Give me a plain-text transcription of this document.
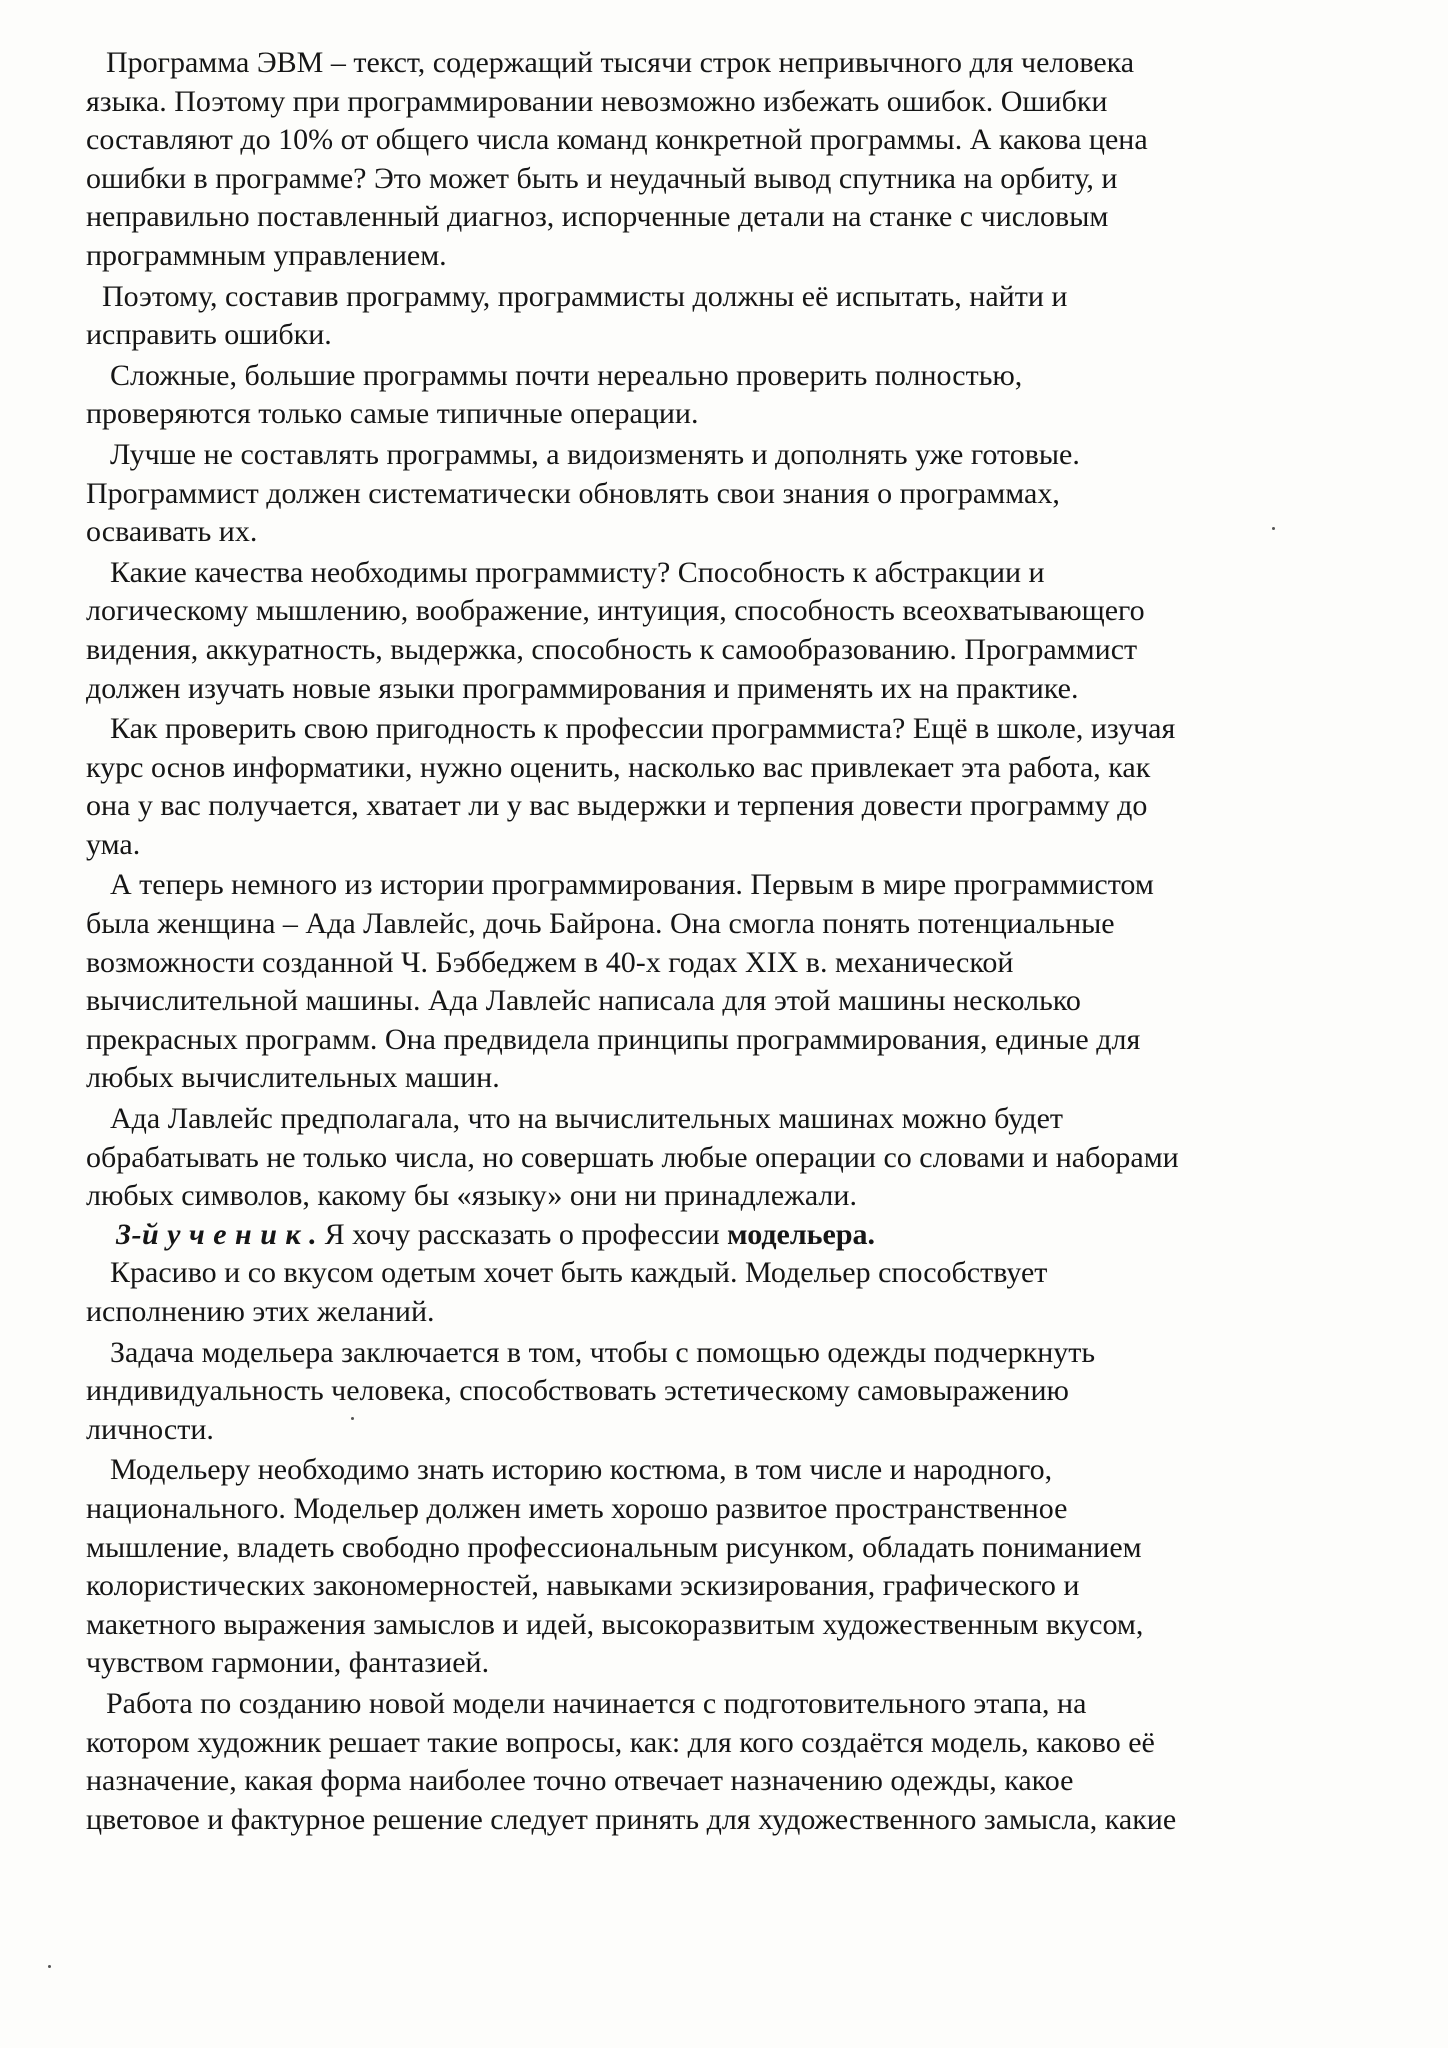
Программа ЭВМ – текст, содержащий тысячи строк непривычного для человека
языка. Поэтому при программировании невозможно избежать ошибок. Ошибки
составляют до 10% от общего числа команд конкретной программы. А какова цена
ошибки в программе? Это может быть и неудачный вывод спутника на орбиту, и
неправильно поставленный диагноз, испорченные детали на станке с числовым
программным управлением.
Поэтому, составив программу, программисты должны её испытать, найти и
исправить ошибки.
Сложные, большие программы почти нереально проверить полностью,
проверяются только самые типичные операции.
Лучше не составлять программы, а видоизменять и дополнять уже готовые.
Программист должен систематически обновлять свои знания о программах,
осваивать их.
Какие качества необходимы программисту? Способность к абстракции и
логическому мышлению, воображение, интуиция, способность всеохватывающего
видения, аккуратность, выдержка, способность к самообразованию. Программист
должен изучать новые языки программирования и применять их на практике.
Как проверить свою пригодность к профессии программиста? Ещё в школе, изучая
курс основ информатики, нужно оценить, насколько вас привлекает эта работа, как
она у вас получается, хватает ли у вас выдержки и терпения довести программу до
ума.
А теперь немного из истории программирования. Первым в мире программистом
была женщина – Ада Лавлейс, дочь Байрона. Она смогла понять потенциальные
возможности созданной Ч. Бэббеджем в 40-х годах XIX в. механической
вычислительной машины. Ада Лавлейс написала для этой машины несколько
прекрасных программ. Она предвидела принципы программирования, единые для
любых вычислительных машин.
Ада Лавлейс предполагала, что на вычислительных машинах можно будет
обрабатывать не только числа, но совершать любые операции со словами и наборами
любых символов, какому бы «языку» они ни принадлежали.
3-й у ч е н и к . Я хочу рассказать о профессии модельера.
Красиво и со вкусом одетым хочет быть каждый. Модельер способствует
исполнению этих желаний.
Задача модельера заключается в том, чтобы с помощью одежды подчеркнуть
индивидуальность человека, способствовать эстетическому самовыражению
личности.
Модельеру необходимо знать историю костюма, в том числе и народного,
национального. Модельер должен иметь хорошо развитое пространственное
мышление, владеть свободно профессиональным рисунком, обладать пониманием
колористических закономерностей, навыками эскизирования, графического и
макетного выражения замыслов и идей, высокоразвитым художественным вкусом,
чувством гармонии, фантазией.
Работа по созданию новой модели начинается с подготовительного этапа, на
котором художник решает такие вопросы, как: для кого создаётся модель, каково её
назначение, какая форма наиболее точно отвечает назначению одежды, какое
цветовое и фактурное решение следует принять для художественного замысла, какие
